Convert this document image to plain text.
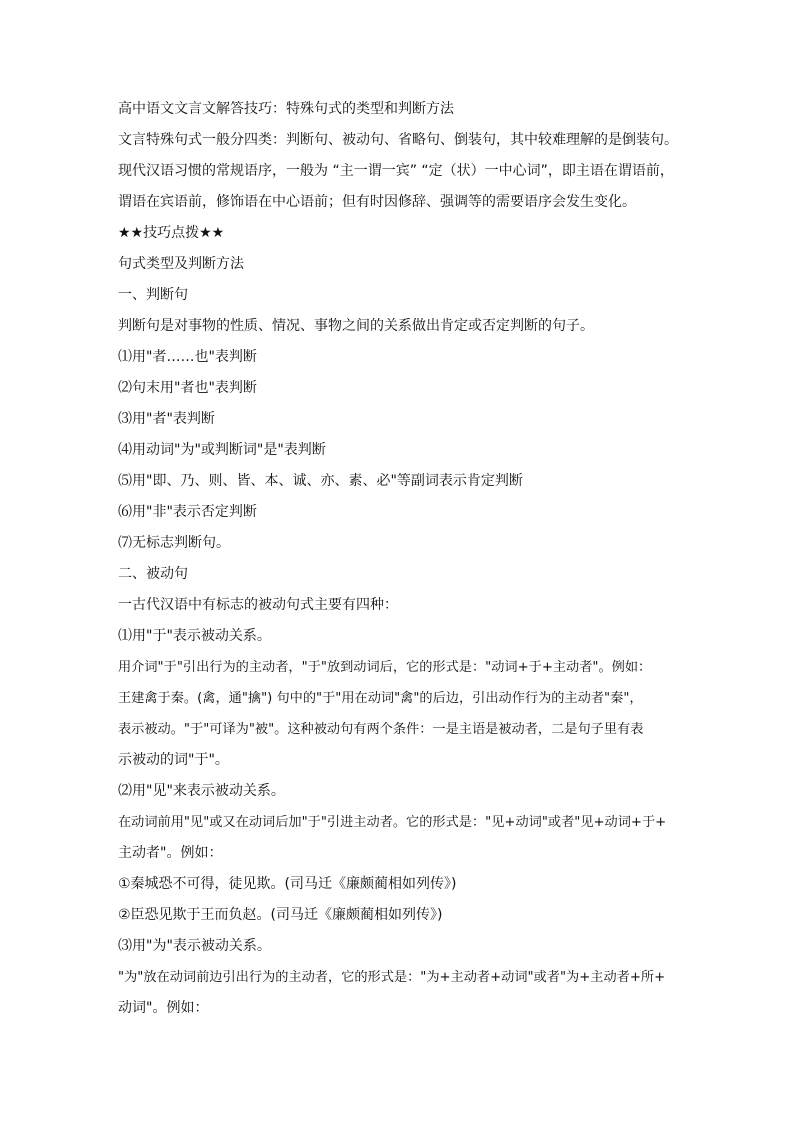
高中语文文言文解答技巧：特殊句式的类型和判断方法
文言特殊句式一般分四类：判断句、被动句、省略句、倒装句，其中较难理解的是倒装句。
现代汉语习惯的常规语序，一般为 “主一谓一宾” “定（状）一中心词”，即主语在谓语前，
谓语在宾语前，修饰语在中心语前；但有时因修辞、强调等的需要语序会发生变化。
★★技巧点拨★★
句式类型及判断方法
一、判断句
判断句是对事物的性质、情况、事物之间的关系做出肯定或否定判断的句子。
⑴用"者……也"表判断
⑵句末用"者也"表判断
⑶用"者"表判断
⑷用动词"为"或判断词"是"表判断
⑸用"即、乃、则、皆、本、诚、亦、素、必"等副词表示肯定判断
⑹用"非"表示否定判断
⑺无标志判断句。
二、被动句
一古代汉语中有标志的被动句式主要有四种：
⑴用"于"表示被动关系。
用介词"于"引出行为的主动者，"于"放到动词后，它的形式是："动词+于+主动者"。例如：
王建禽于秦。(禽，通"擒") 句中的"于"用在动词"禽"的后边，引出动作行为的主动者"秦"，
表示被动。"于"可译为"被"。这种被动句有两个条件：一是主语是被动者，二是句子里有表
示被动的词"于"。
⑵用"见"来表示被动关系。
在动词前用"见"或又在动词后加"于"引进主动者。它的形式是："见+动词"或者"见+动词+于+
主动者"。例如：
①秦城恐不可得，徒见欺。(司马迁《廉颇蔺相如列传》)
②臣恐见欺于王而负赵。(司马迁《廉颇蔺相如列传》)
⑶用"为"表示被动关系。
"为"放在动词前边引出行为的主动者，它的形式是："为+主动者+动词"或者"为+主动者+所+
动词"。例如：
